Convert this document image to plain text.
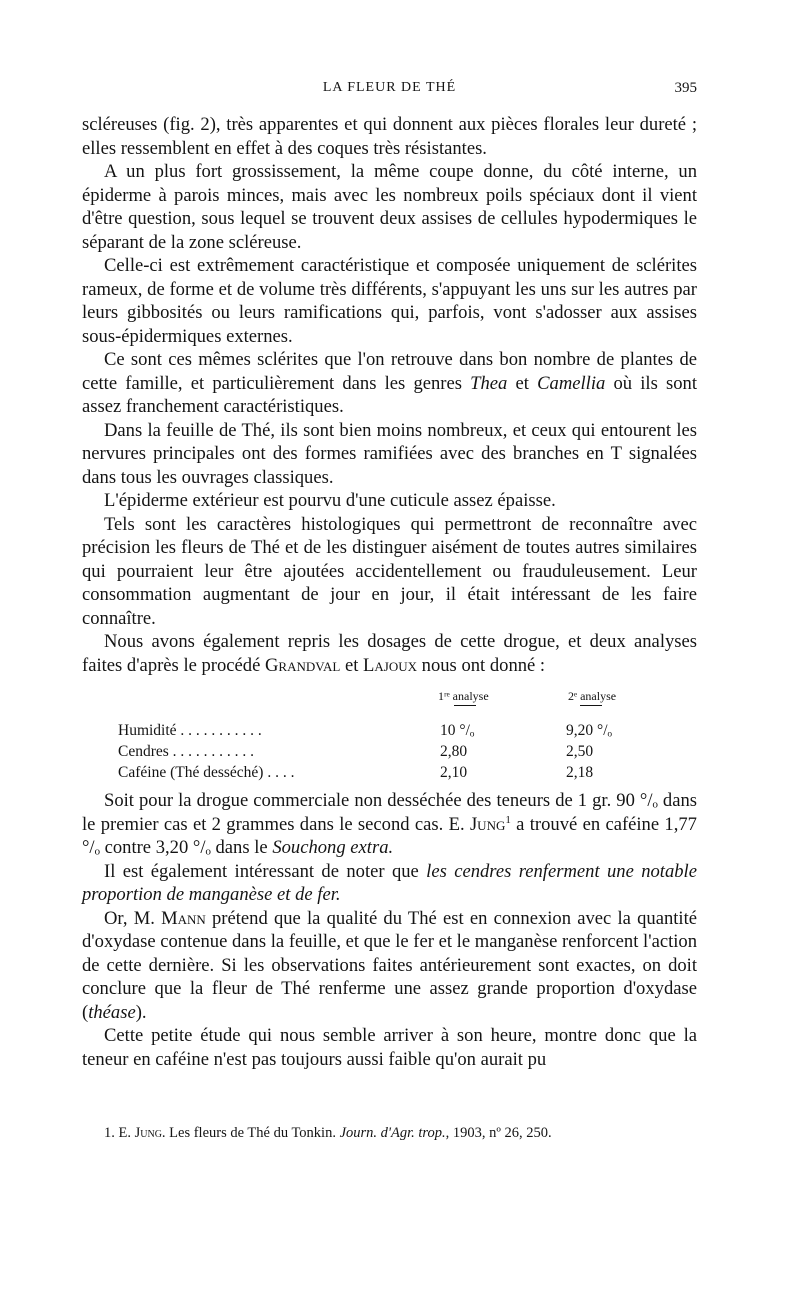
LA FLEUR DE THÉ	395

scléreuses (fig. 2), très apparentes et qui donnent aux pièces florales leur dureté ; elles ressemblent en effet à des coques très résistantes.

A un plus fort grossissement, la même coupe donne, du côté interne, un épiderme à parois minces, mais avec les nombreux poils spéciaux dont il vient d'être question, sous lequel se trouvent deux assises de cellules hypodermiques le séparant de la zone scléreuse.

Celle-ci est extrêmement caractéristique et composée uniquement de sclérites rameux, de forme et de volume très différents, s'appuyant les uns sur les autres par leurs gibbosités ou leurs ramifications qui, parfois, vont s'adosser aux assises sous-épidermiques externes.

Ce sont ces mêmes sclérites que l'on retrouve dans bon nombre de plantes de cette famille, et particulièrement dans les genres Thea et Camellia où ils sont assez franchement caractéristiques.

Dans la feuille de Thé, ils sont bien moins nombreux, et ceux qui entourent les nervures principales ont des formes ramifiées avec des branches en T signalées dans tous les ouvrages classiques.

L'épiderme extérieur est pourvu d'une cuticule assez épaisse.

Tels sont les caractères histologiques qui permettront de reconnaître avec précision les fleurs de Thé et de les distinguer aisément de toutes autres similaires qui pourraient leur être ajoutées accidentellement ou frauduleusement. Leur consommation augmentant de jour en jour, il était intéressant de les faire connaître.

Nous avons également repris les dosages de cette drogue, et deux analyses faites d'après le procédé Grandval et Lajoux nous ont donné :

1ʳᵉ analyse	2ᵉ analyse
Humidité . . . . . . . . . . .	10 °/ₒ	9,20 °/ₒ
Cendres . . . . . . . . . . .	2,80	2,50
Caféine (Thé desséché) . . . .	2,10	2,18

Soit pour la drogue commerciale non desséchée des teneurs de 1 gr. 90 °/ₒ dans le premier cas et 2 grammes dans le second cas. E. Jung$^1$ a trouvé en caféine 1,77 °/ₒ contre 3,20 °/ₒ dans le Souchong extra.

Il est également intéressant de noter que les cendres renferment une notable proportion de manganèse et de fer.

Or, M. Mann prétend que la qualité du Thé est en connexion avec la quantité d'oxydase contenue dans la feuille, et que le fer et le manganèse renforcent l'action de cette dernière. Si les observations faites antérieurement sont exactes, on doit conclure que la fleur de Thé renferme une assez grande proportion d'oxydase (théase).

Cette petite étude qui nous semble arriver à son heure, montre donc que la teneur en caféine n'est pas toujours aussi faible qu'on aurait pu

1. E. Jung. Les fleurs de Thé du Tonkin. Journ. d'Agr. trop., 1903, nº 26, 250.
